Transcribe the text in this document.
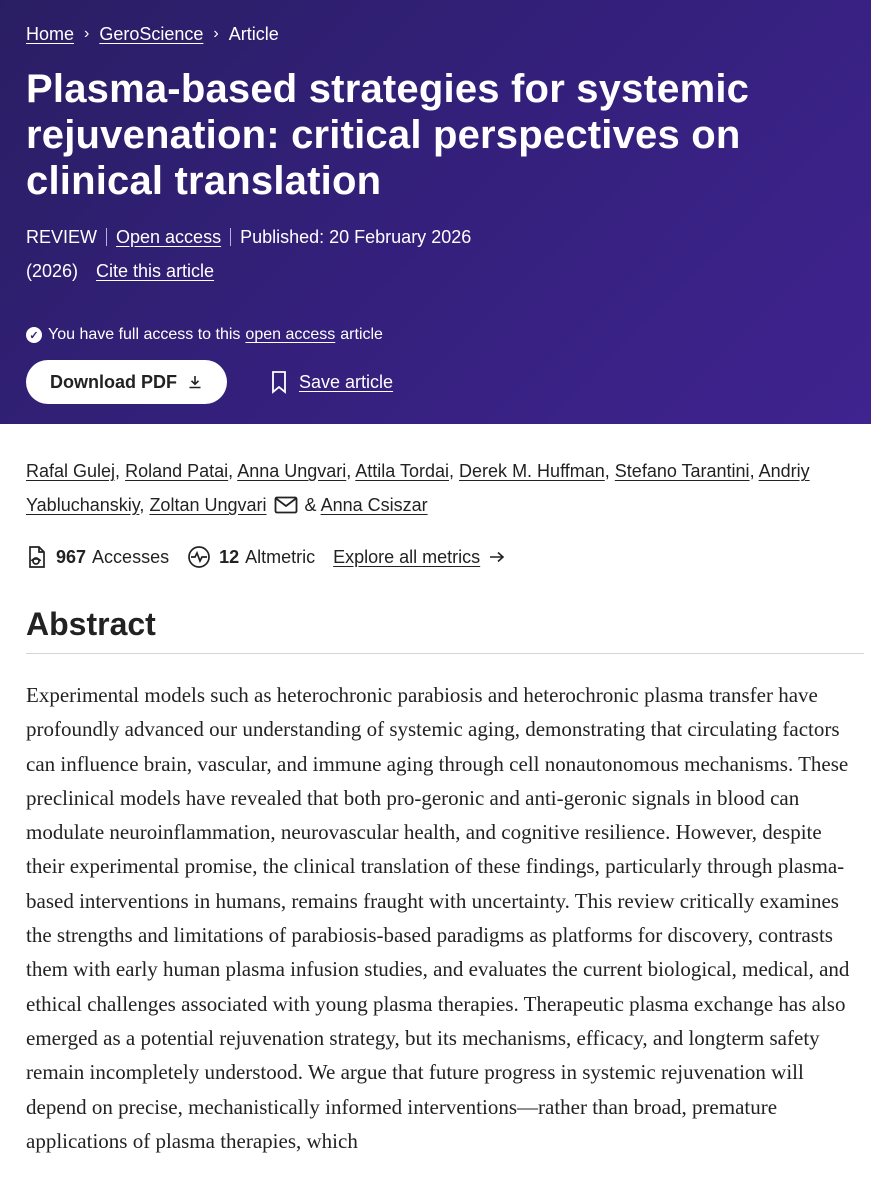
Home › GeroScience › Article
Plasma-based strategies for systemic rejuvenation: critical perspectives on clinical translation
REVIEW Open access Published: 20 February 2026
(2026) Cite this article
✓ You have full access to this open access article
Download PDF	Save article
Rafal Gulej, Roland Patai, Anna Ungvari, Attila Tordai, Derek M. Huffman, Stefano Tarantini, Andriy Yabluchanskiy, Zoltan Ungvari & Anna Csiszar
967 Accesses	12 Altmetric Explore all metrics
Abstract

Experimental models such as heterochronic parabiosis and heterochronic plasma transfer have profoundly advanced our understanding of systemic aging, demonstrating that circulating factors can influence brain, vascular, and immune aging through cell nonautonomous mechanisms. These preclinical models have revealed that both pro-geronic and anti-geronic signals in blood can modulate neuroinflammation, neurovascular health, and cognitive resilience. However, despite their experimental promise, the clinical translation of these findings, particularly through plasma-based interventions in humans, remains fraught with uncertainty. This review critically examines the strengths and limitations of parabiosis-based paradigms as platforms for discovery, contrasts them with early human plasma infusion studies, and evaluates the current biological, medical, and ethical challenges associated with young plasma therapies. Therapeutic plasma exchange has also emerged as a potential rejuvenation strategy, but its mechanisms, efficacy, and longterm safety remain incompletely understood. We argue that future progress in systemic rejuvenation will depend on precise, mechanistically informed interventions—rather than broad, premature applications of plasma therapies, which
